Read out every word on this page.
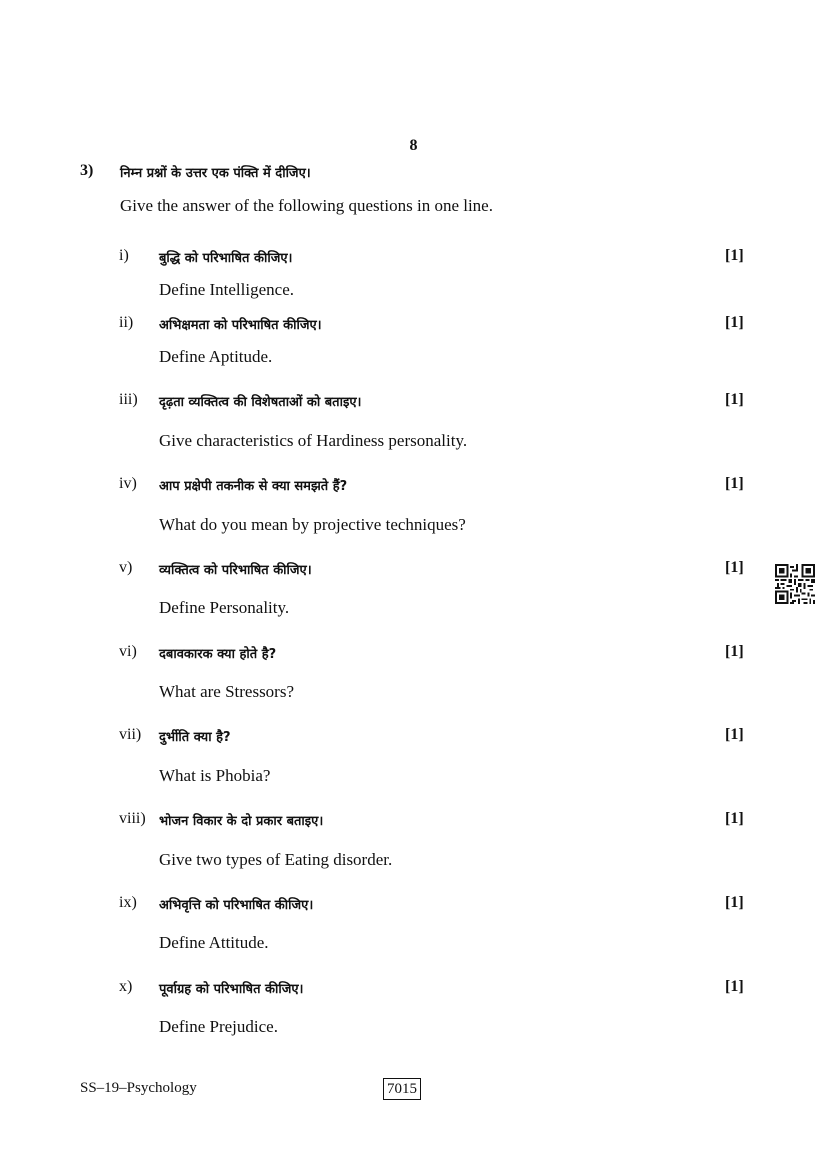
8
3) निम्न प्रश्नों के उत्तर एक पंक्ति में दीजिए।
Give the answer of the following questions in one line.
i) बुद्धि को परिभाषित कीजिए।	[1]
Define Intelligence.
ii) अभिक्षमता को परिभाषित कीजिए।	[1]
Define Aptitude.
iii) दृढ़ता व्यक्तित्व की विशेषताओं को बताइए।	[1]
Give characteristics of Hardiness personality.
iv) आप प्रक्षेपी तकनीक से क्या समझते हैं?	[1]
What do you mean by projective techniques?
v) व्यक्तित्व को परिभाषित कीजिए।	[1]
Define Personality.
vi) दबावकारक क्या होते है?	[1]
What are Stressors?
vii) दुर्भीति क्या है?	[1]
What is Phobia?
viii) भोजन विकार के दो प्रकार बताइए।	[1]
Give two types of Eating disorder.
ix) अभिवृत्ति को परिभाषित कीजिए।	[1]
Define Attitude.
x) पूर्वाग्रह को परिभाषित कीजिए।	[1]
Define Prejudice.
SS–19–Psychology	7015
